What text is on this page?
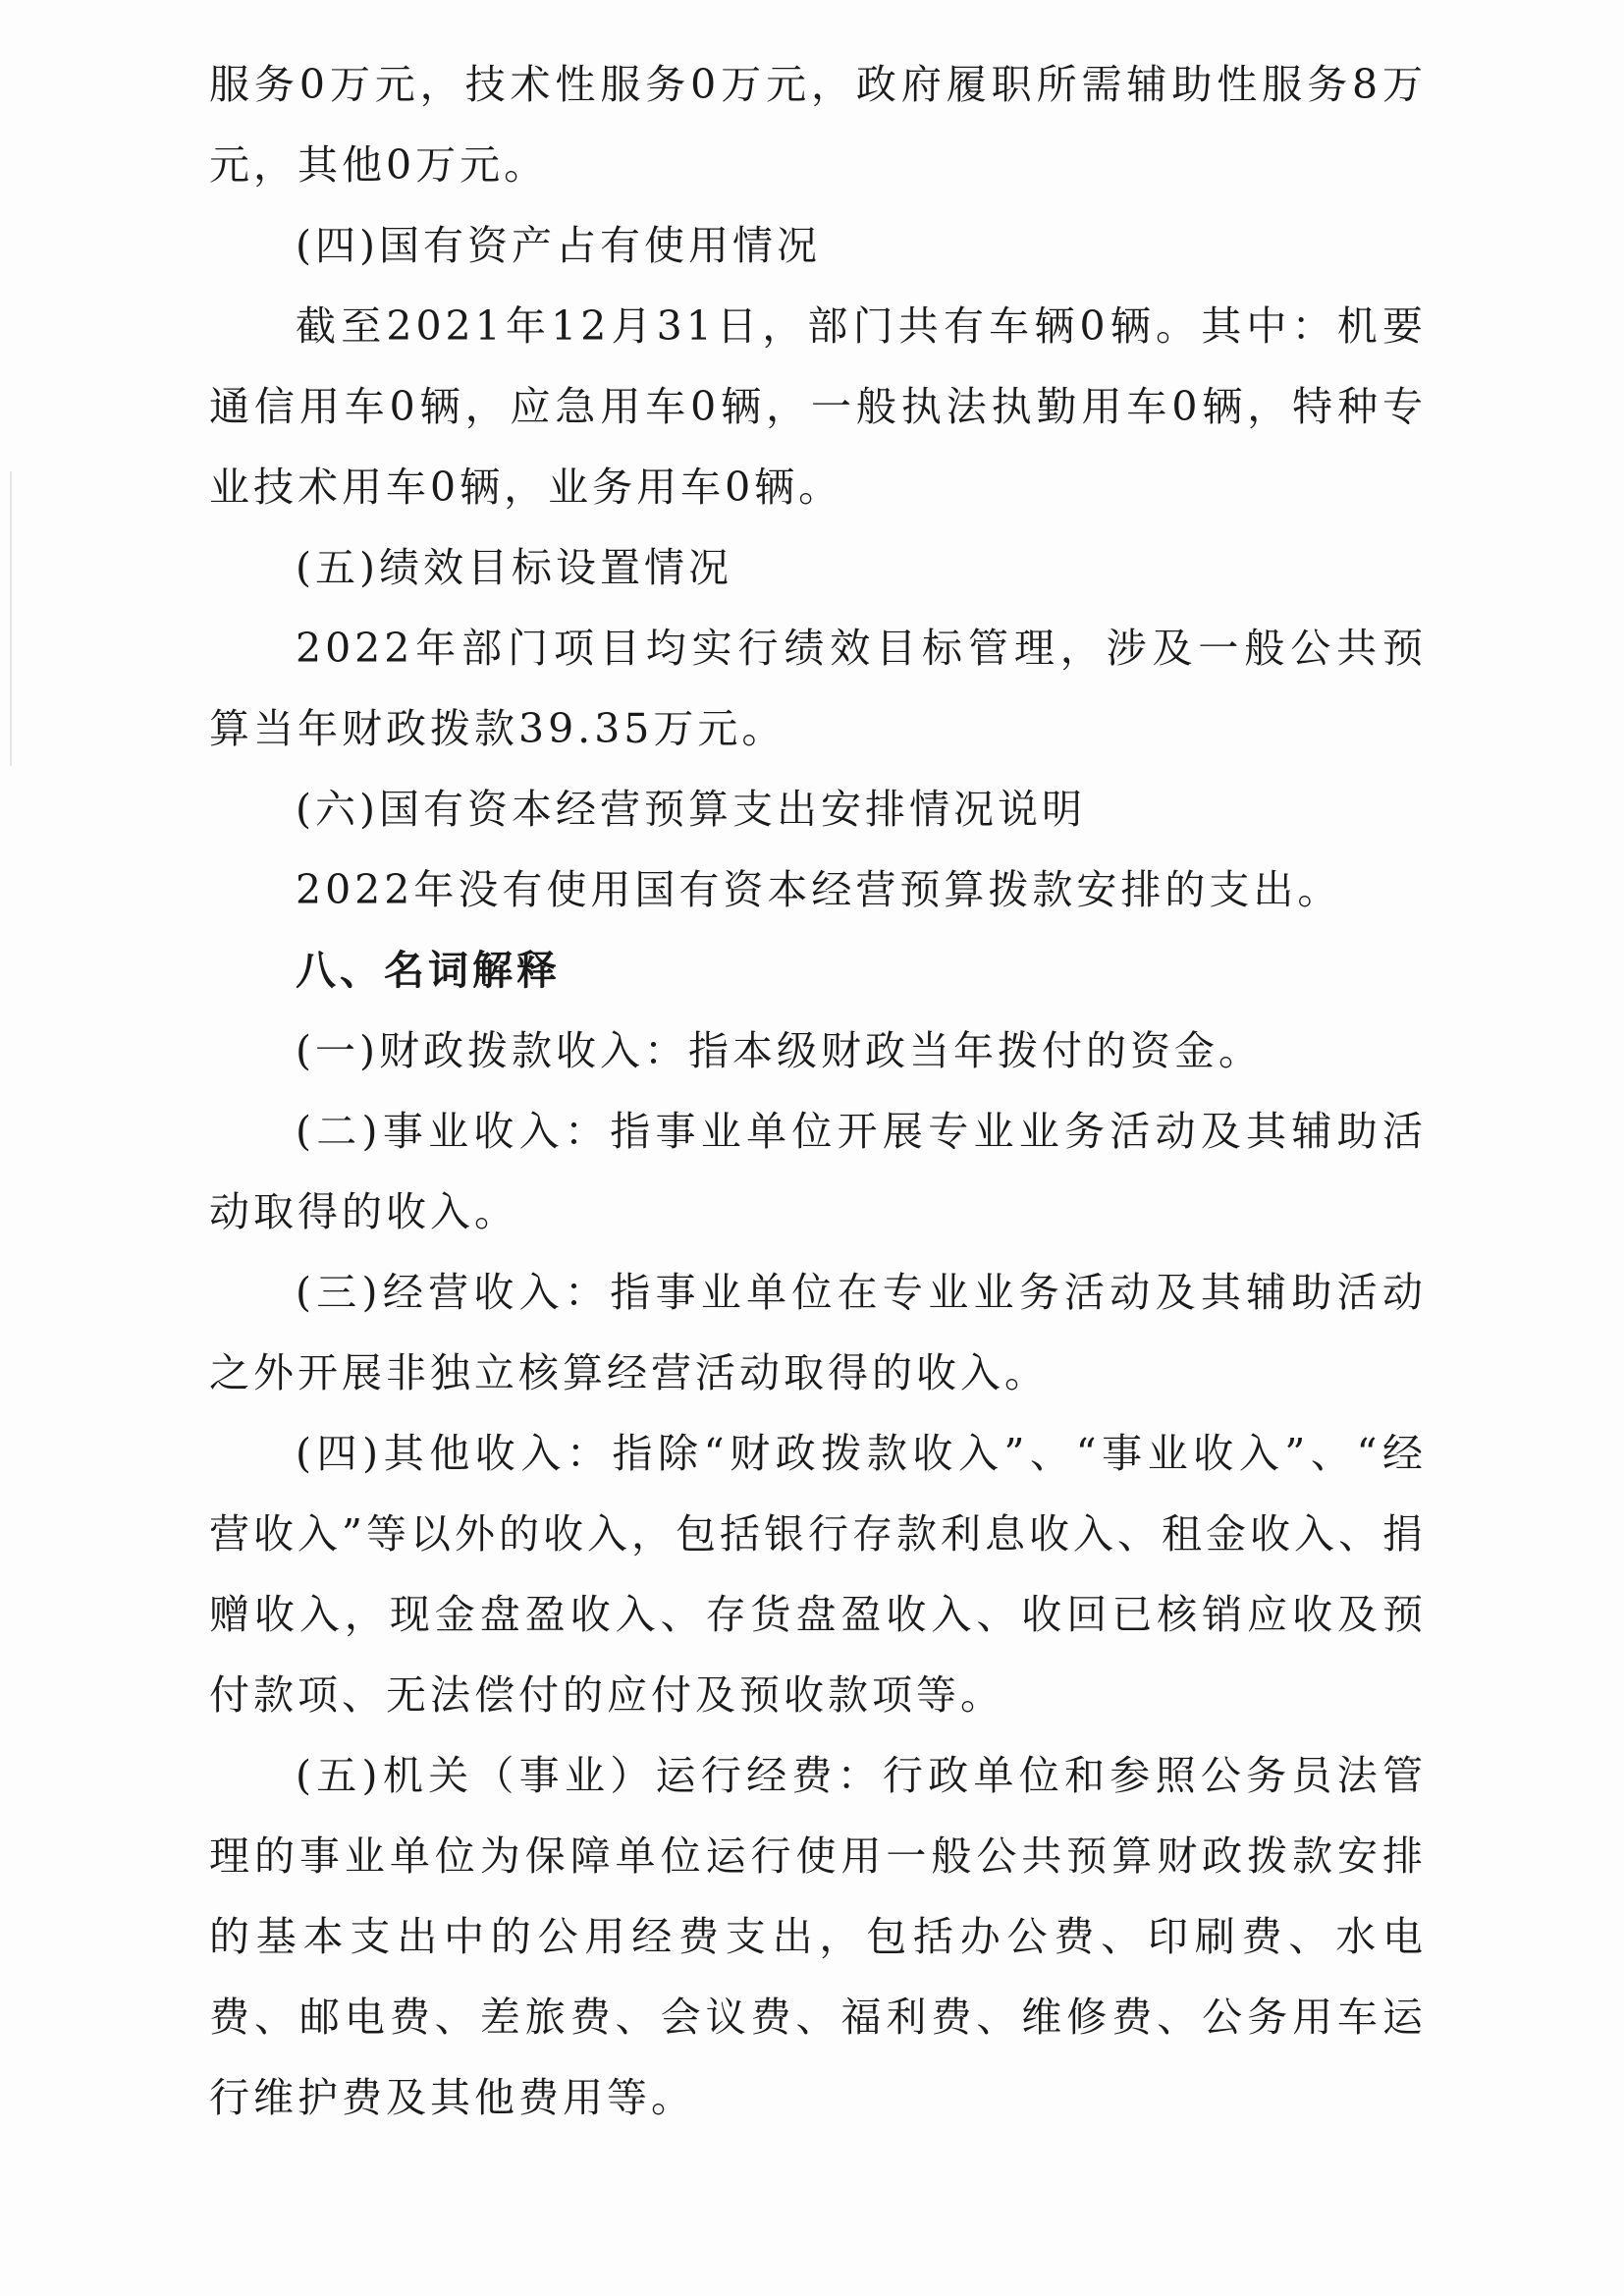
服务0万元，技术性服务0万元，政府履职所需辅助性服务8万元，其他0万元。

(四)国有资产占有使用情况

截至2021年12月31日，部门共有车辆0辆。其中：机要通信用车0辆，应急用车0辆，一般执法执勤用车0辆，特种专业技术用车0辆，业务用车0辆。

(五)绩效目标设置情况

2022年部门项目均实行绩效目标管理，涉及一般公共预算当年财政拨款39.35万元。

(六)国有资本经营预算支出安排情况说明

2022年没有使用国有资本经营预算拨款安排的支出。

八、名词解释

(一)财政拨款收入：指本级财政当年拨付的资金。

(二)事业收入：指事业单位开展专业业务活动及其辅助活动取得的收入。

(三)经营收入：指事业单位在专业业务活动及其辅助活动之外开展非独立核算经营活动取得的收入。

(四)其他收入：指除“财政拨款收入”、“事业收入”、“经营收入”等以外的收入，包括银行存款利息收入、租金收入、捐赠收入，现金盘盈收入、存货盘盈收入、收回已核销应收及预付款项、无法偿付的应付及预收款项等。

(五)机关（事业）运行经费：行政单位和参照公务员法管理的事业单位为保障单位运行使用一般公共预算财政拨款安排的基本支出中的公用经费支出，包括办公费、印刷费、水电费、邮电费、差旅费、会议费、福利费、维修费、公务用车运行维护费及其他费用等。
